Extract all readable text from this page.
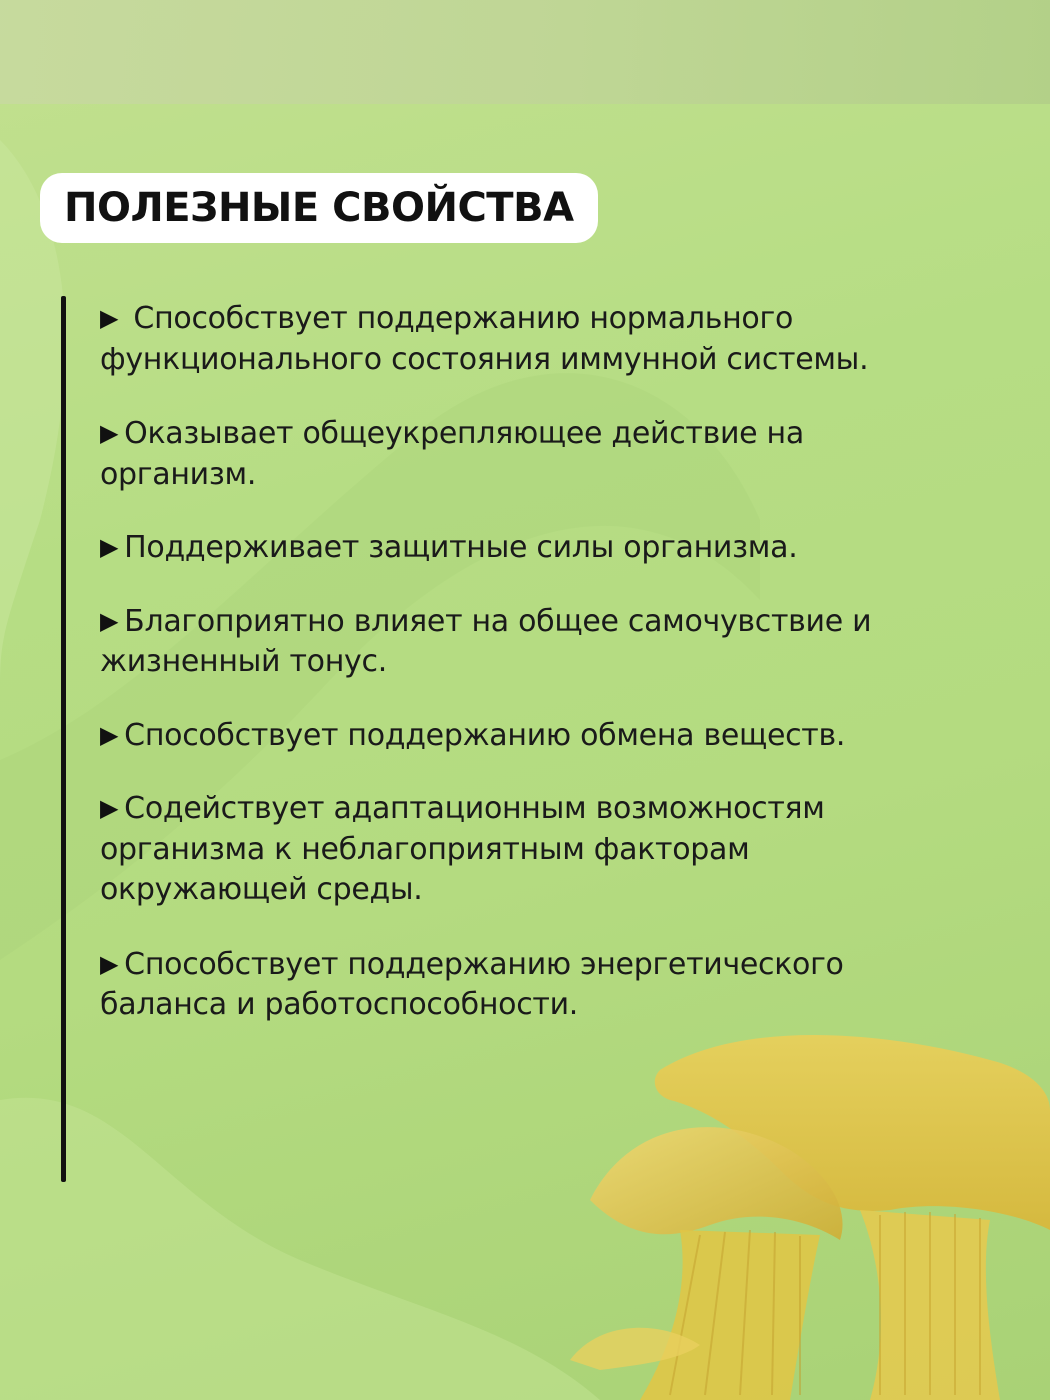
ПОЛЕЗНЫЕ СВОЙСТВА
▶ Способствует поддержанию нормального функционального состояния иммунной системы.
▶ Оказывает общеукрепляющее действие на организм.
▶ Поддерживает защитные силы организма.
▶ Благоприятно влияет на общее самочувствие и жизненный тонус.
▶ Способствует поддержанию обмена веществ.
▶ Содействует адаптационным возможностям организма к неблагоприятным факторам окружающей среды.
▶ Способствует поддержанию энергетического баланса и работоспособности.
